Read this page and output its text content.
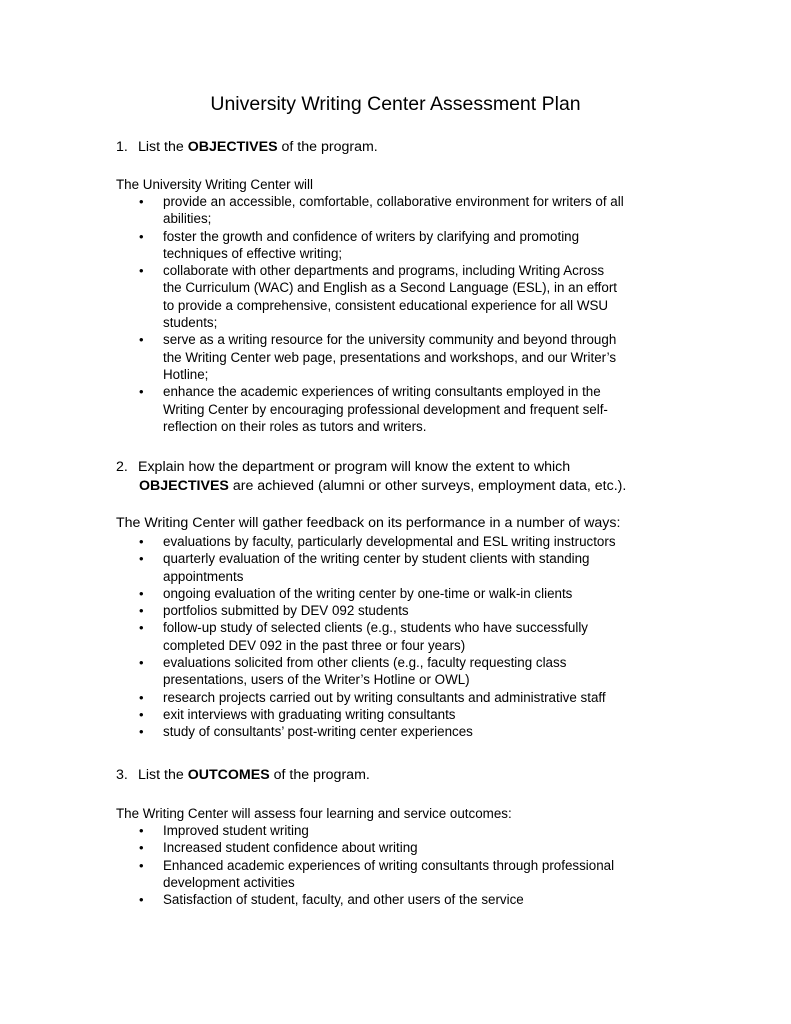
University Writing Center Assessment Plan
1. List the OBJECTIVES of the program.
The University Writing Center will
• provide an accessible, comfortable, collaborative environment for writers of all
abilities;
• foster the growth and confidence of writers by clarifying and promoting
techniques of effective writing;
• collaborate with other departments and programs, including Writing Across
the Curriculum (WAC) and English as a Second Language (ESL), in an effort
to provide a comprehensive, consistent educational experience for all WSU
students;
• serve as a writing resource for the university community and beyond through
the Writing Center web page, presentations and workshops, and our Writer’s
Hotline;
• enhance the academic experiences of writing consultants employed in the
Writing Center by encouraging professional development and frequent self-
reflection on their roles as tutors and writers.
2. Explain how the department or program will know the extent to which
OBJECTIVES are achieved (alumni or other surveys, employment data, etc.).
The Writing Center will gather feedback on its performance in a number of ways:
• evaluations by faculty, particularly developmental and ESL writing instructors
• quarterly evaluation of the writing center by student clients with standing
appointments
• ongoing evaluation of the writing center by one-time or walk-in clients
• portfolios submitted by DEV 092 students
• follow-up study of selected clients (e.g., students who have successfully
completed DEV 092 in the past three or four years)
• evaluations solicited from other clients (e.g., faculty requesting class
presentations, users of the Writer’s Hotline or OWL)
• research projects carried out by writing consultants and administrative staff
• exit interviews with graduating writing consultants
• study of consultants’ post-writing center experiences
3. List the OUTCOMES of the program.
The Writing Center will assess four learning and service outcomes:
• Improved student writing
• Increased student confidence about writing
• Enhanced academic experiences of writing consultants through professional
development activities
• Satisfaction of student, faculty, and other users of the service
